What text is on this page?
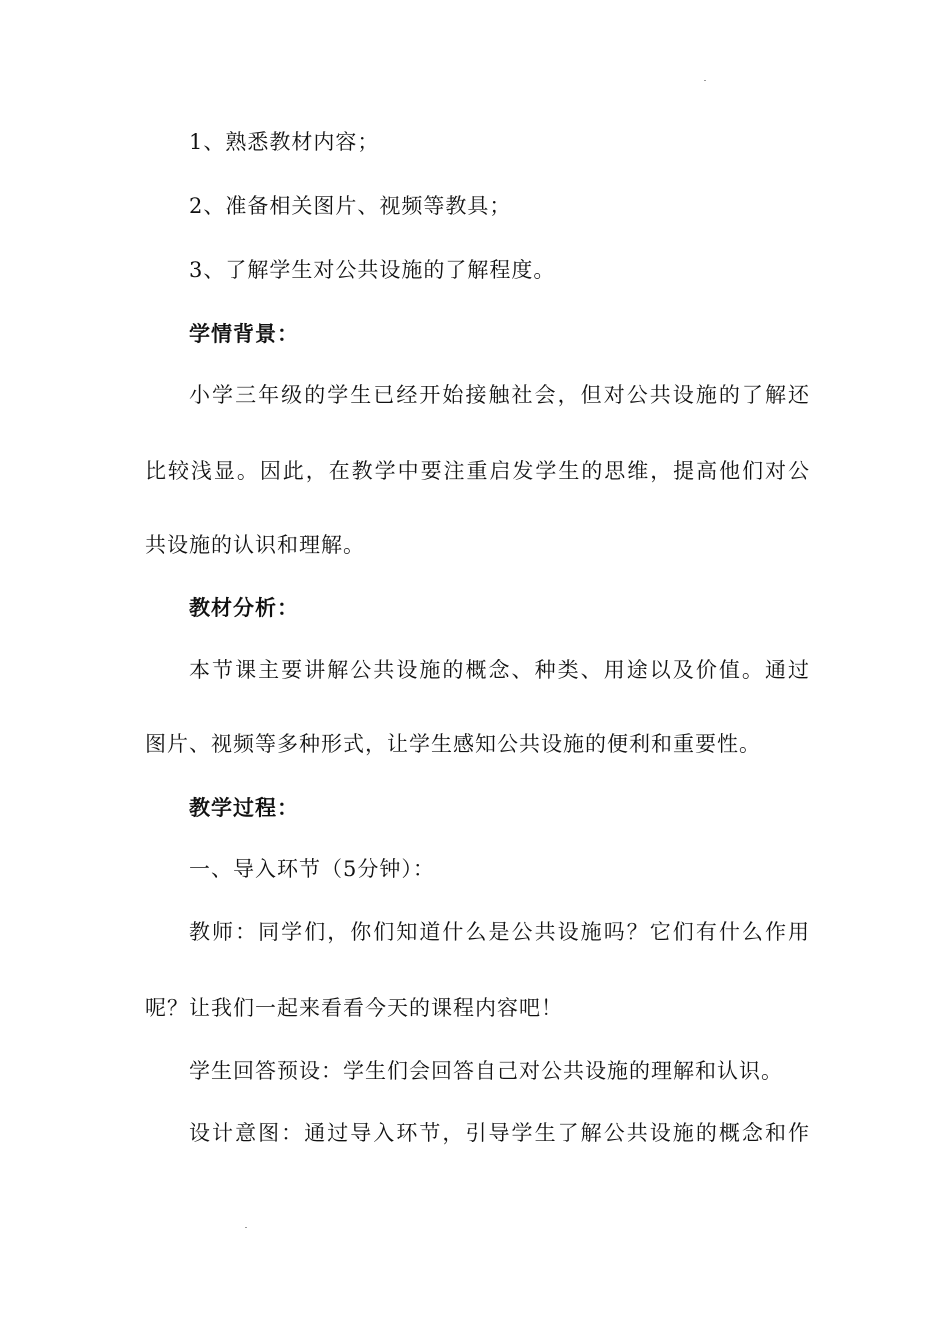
1、熟悉教材内容；
2、准备相关图片、视频等教具；
3、了解学生对公共设施的了解程度。
学情背景：
小学三年级的学生已经开始接触社会，但对公共设施的了解还
比较浅显。因此，在教学中要注重启发学生的思维，提高他们对公
共设施的认识和理解。
教材分析：
本节课主要讲解公共设施的概念、种类、用途以及价值。通过
图片、视频等多种形式，让学生感知公共设施的便利和重要性。
教学过程：
一、导入环节（5分钟）：
教师：同学们，你们知道什么是公共设施吗？它们有什么作用
呢？让我们一起来看看今天的课程内容吧！
学生回答预设：学生们会回答自己对公共设施的理解和认识。
设计意图：通过导入环节，引导学生了解公共设施的概念和作
